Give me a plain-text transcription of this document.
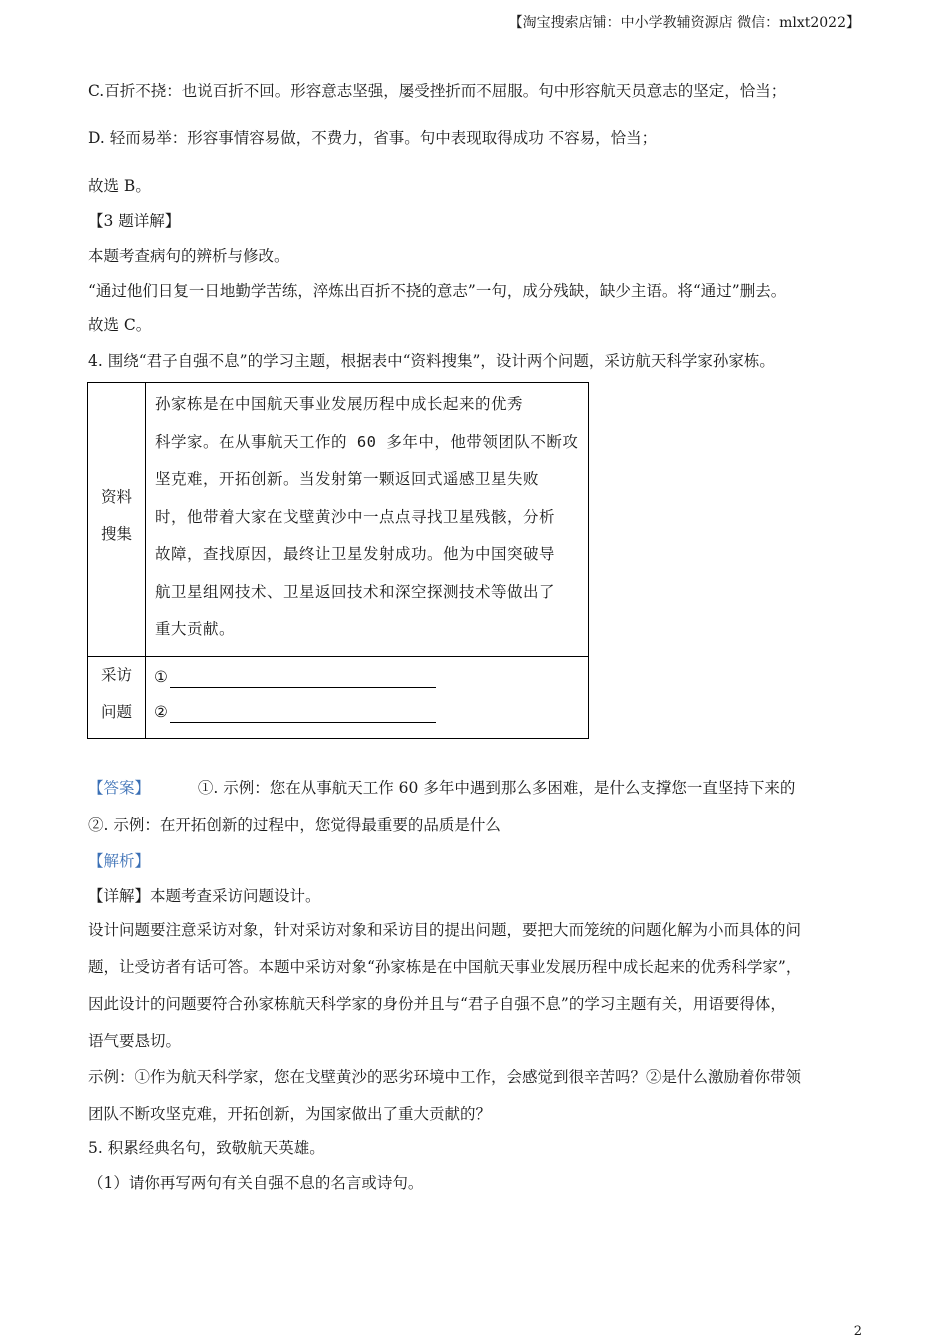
【淘宝搜索店铺：中小学教辅资源店 微信：mlxt2022】
C.百折不挠：也说百折不回。形容意志坚强，屡受挫折而不屈服。句中形容航天员意志的坚定，恰当；
D. 轻而易举：形容事情容易做，不费力，省事。句中表现取得成功 不容易，恰当；
故选 B。
【3 题详解】
本题考查病句的辨析与修改。
“通过他们日复一日地勤学苦练，淬炼出百折不挠的意志”一句，成分残缺，缺少主语。将“通过”删去。
故选 C。
4. 围绕“君子自强不息”的学习主题，根据表中“资料搜集”，设计两个问题，采访航天科学家孙家栋。
资料
搜集
孙家栋是在中国航天事业发展历程中成长起来的优秀
科学家。在从事航天工作的 60 多年中，他带领团队不断攻
坚克难，开拓创新。当发射第一颗返回式遥感卫星失败
时，他带着大家在戈壁黄沙中一点点寻找卫星残骸，分析
故障，查找原因，最终让卫星发射成功。他为中国突破导
航卫星组网技术、卫星返回技术和深空探测技术等做出了
重大贡献。
采访
问题
①
②
【答案】	①. 示例：您在从事航天工作 60 多年中遇到那么多困难，是什么支撑您一直坚持下来的
②. 示例：在开拓创新的过程中，您觉得最重要的品质是什么
【解析】
【详解】本题考查采访问题设计。
设计问题要注意采访对象，针对采访对象和采访目的提出问题，要把大而笼统的问题化解为小而具体的问
题，让受访者有话可答。本题中采访对象“孙家栋是在中国航天事业发展历程中成长起来的优秀科学家”，
因此设计的问题要符合孙家栋航天科学家的身份并且与“君子自强不息”的学习主题有关，用语要得体，
语气要恳切。
示例：①作为航天科学家，您在戈壁黄沙的恶劣环境中工作，会感觉到很辛苦吗？②是什么激励着你带领
团队不断攻坚克难，开拓创新，为国家做出了重大贡献的？
5. 积累经典名句，致敬航天英雄。
（1）请你再写两句有关自强不息的名言或诗句。
2
